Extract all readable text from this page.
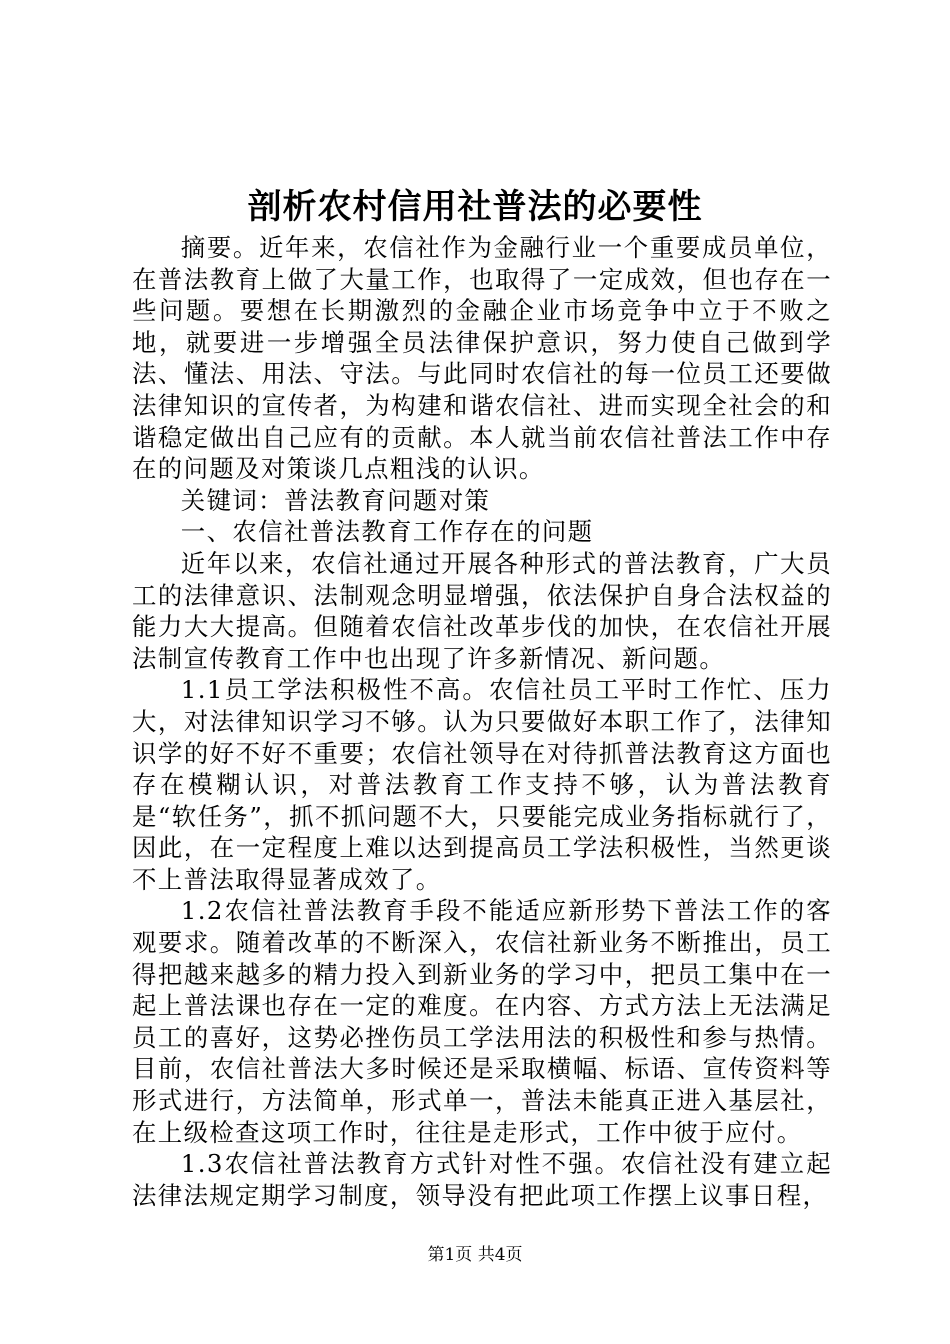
剖析农村信用社普法的必要性

摘要。近年来，农信社作为金融行业一个重要成员单位，在普法教育上做了大量工作，也取得了一定成效，但也存在一些问题。要想在长期激烈的金融企业市场竞争中立于不败之地，就要进一步增强全员法律保护意识，努力使自己做到学法、懂法、用法、守法。与此同时农信社的每一位员工还要做法律知识的宣传者，为构建和谐农信社、进而实现全社会的和谐稳定做出自己应有的贡献。本人就当前农信社普法工作中存在的问题及对策谈几点粗浅的认识。

关键词：普法教育问题对策

一、农信社普法教育工作存在的问题

近年以来，农信社通过开展各种形式的普法教育，广大员工的法律意识、法制观念明显增强，依法保护自身合法权益的能力大大提高。但随着农信社改革步伐的加快，在农信社开展法制宣传教育工作中也出现了许多新情况、新问题。

1.1员工学法积极性不高。农信社员工平时工作忙、压力大，对法律知识学习不够。认为只要做好本职工作了，法律知识学的好不好不重要；农信社领导在对待抓普法教育这方面也存在模糊认识，对普法教育工作支持不够，认为普法教育是“软任务”，抓不抓问题不大，只要能完成业务指标就行了，因此，在一定程度上难以达到提高员工学法积极性，当然更谈不上普法取得显著成效了。

1.2农信社普法教育手段不能适应新形势下普法工作的客观要求。随着改革的不断深入，农信社新业务不断推出，员工得把越来越多的精力投入到新业务的学习中，把员工集中在一起上普法课也存在一定的难度。在内容、方式方法上无法满足员工的喜好，这势必挫伤员工学法用法的积极性和参与热情。目前，农信社普法大多时候还是采取横幅、标语、宣传资料等形式进行，方法简单，形式单一，普法未能真正进入基层社，在上级检查这项工作时，往往是走形式，工作中彼于应付。

1.3农信社普法教育方式针对性不强。农信社没有建立起法律法规定期学习制度，领导没有把此项工作摆上议事日程，

第1页 共4页
